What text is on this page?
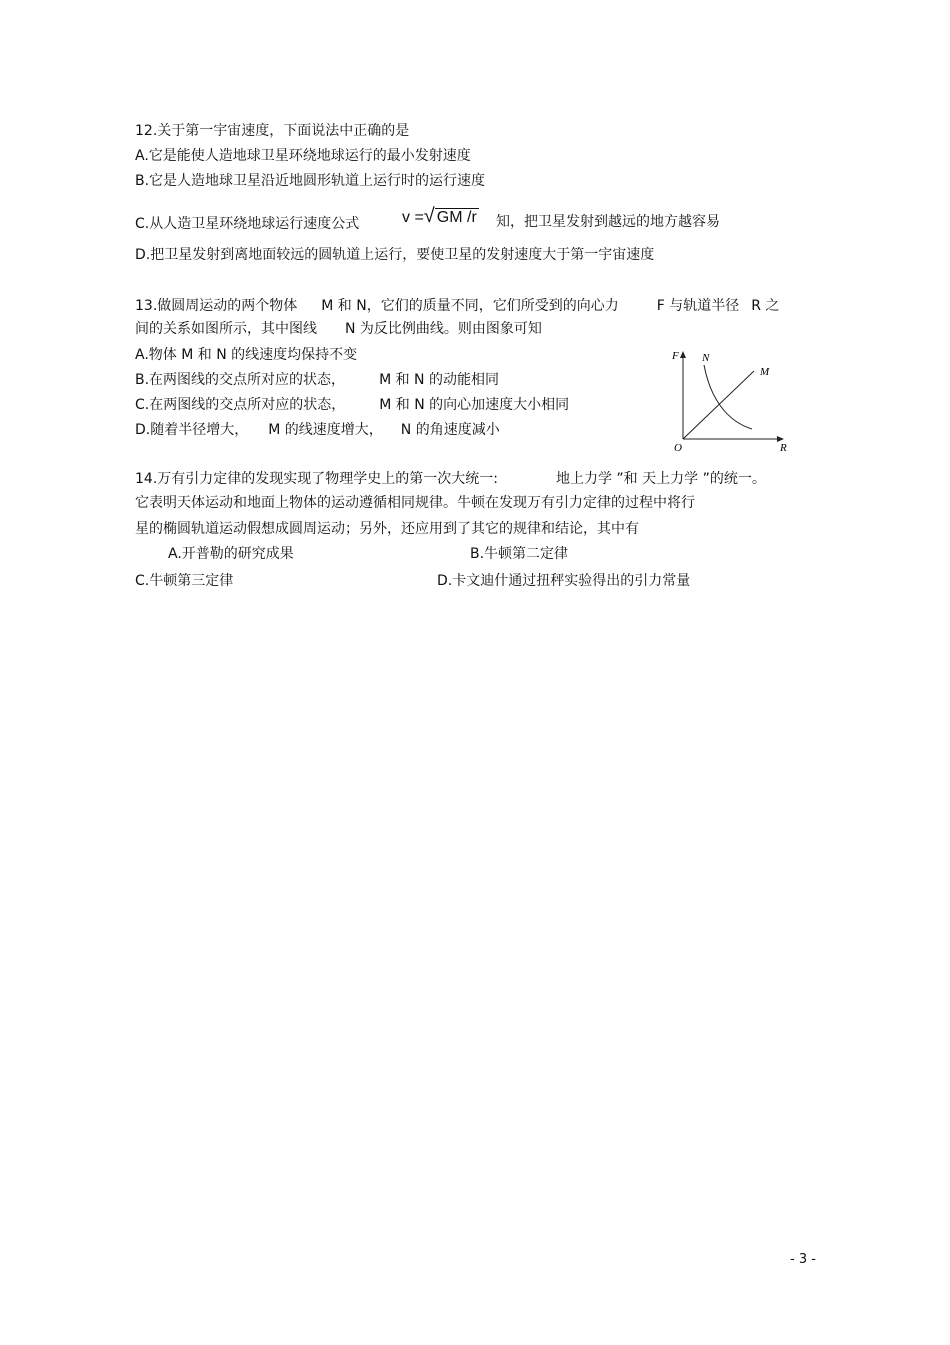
12.关于第一宇宙速度，下面说法中正确的是
A.它是能使人造地球卫星环绕地球运行的最小发射速度
B.它是人造地球卫星沿近地圆形轨道上运行时的运行速度
C.从人造卫星环绕地球运行速度公式	v =√ GM /r 知，把卫星发射到越远的地方越容易
D.把卫星发射到离地面较远的圆轨道上运行，要使卫星的发射速度大于第一宇宙速度
13.做圆周运动的两个物体 M 和 N，它们的质量不同，它们所受到的向心力	F 与轨道半径 R 之
间的关系如图所示，其中图线 N 为反比例曲线。则由图象可知
A.物体 M 和 N 的线速度均保持不变
B.在两图线的交点所对应的状态， M 和 N 的动能相同
C.在两图线的交点所对应的状态， M 和 N 的向心加速度大小相同
D.随着半径增大， M 的线速度增大， N 的角速度减小
F
R
O
N
M
14.万有引力定律的发现实现了物理学史上的第一次大统一:	地上力学 ”和 天上力学 ”的统一。
它表明天体运动和地面上物体的运动遵循相同规律。牛顿在发现万有引力定律的过程中将行
星的椭圆轨道运动假想成圆周运动；另外，还应用到了其它的规律和结论，其中有
A.开普勒的研究成果	B.牛顿第二定律
C.牛顿第三定律	D.卡文迪什通过扭秤实验得出的引力常量
- 3 -
